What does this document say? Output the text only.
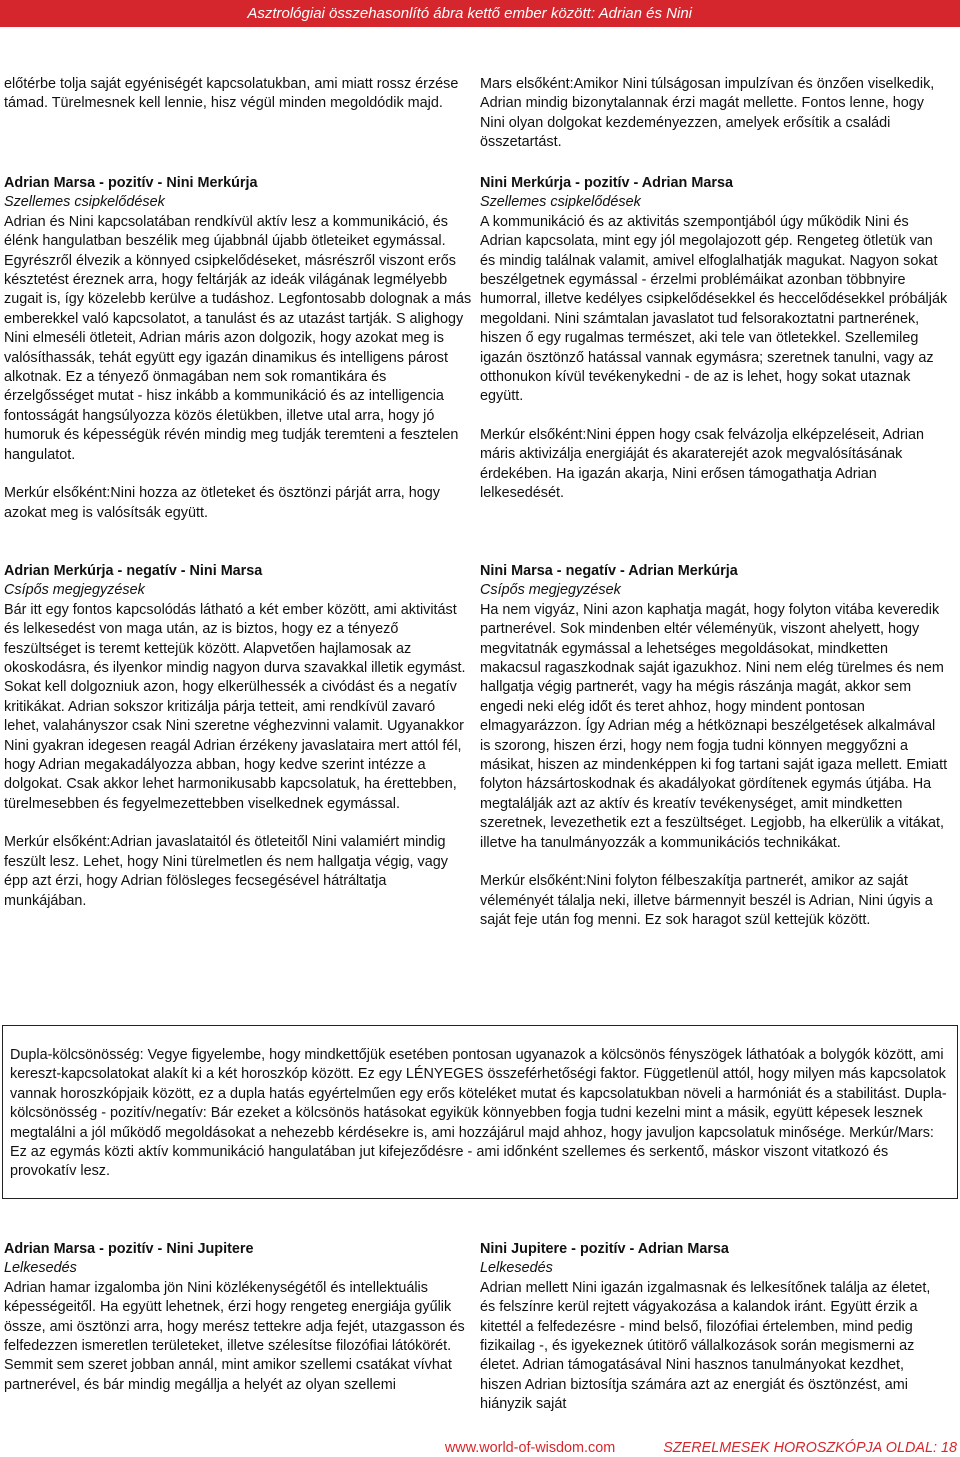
Asztrológiai összehasonlító ábra kettő ember között: Adrian és Nini

előtérbe tolja saját egyéniségét kapcsolatukban, ami miatt rossz érzése támad. Türelmesnek kell lennie, hisz végül minden megoldódik majd.

Adrian Marsa - pozitív - Nini Merkúrja

Szellemes csipkelődések

Adrian és Nini kapcsolatában rendkívül aktív lesz a kommunikáció, és élénk hangulatban beszélik meg újabbnál újabb ötleteiket egymással. Egyrészről élvezik a könnyed csipkelődéseket, másrészről viszont erős késztetést éreznek arra, hogy feltárják az ideák világának legmélyebb zugait is, így közelebb kerülve a tudáshoz. Legfontosabb dolognak a más emberekkel való kapcsolatot, a tanulást és az utazást tartják. S alighogy Nini elmeséli ötleteit, Adrian máris azon dolgozik, hogy azokat meg is valósíthassák, tehát együtt egy igazán dinamikus és intelligens párost alkotnak. Ez a tényező önmagában nem sok romantikára és érzelgősséget mutat - hisz inkább a kommunikáció és az intelligencia fontosságát hangsúlyozza közös életükben, illetve utal arra, hogy jó humoruk és képességük révén mindig meg tudják teremteni a fesztelen hangulatot.

Merkúr elsőként:Nini hozza az ötleteket és ösztönzi párját arra, hogy azokat meg is valósítsák együtt.

Adrian Merkúrja - negatív - Nini Marsa

Csípős megjegyzések

Bár itt egy fontos kapcsolódás látható a két ember között, ami aktivitást és lelkesedést von maga után, az is biztos, hogy ez a tényező feszültséget is teremt kettejük között. Alapvetően hajlamosak az okoskodásra, és ilyenkor mindig nagyon durva szavakkal illetik egymást. Sokat kell dolgozniuk azon, hogy elkerülhessék a civódást és a negatív kritikákat. Adrian sokszor kritizálja párja tetteit, ami rendkívül zavaró lehet, valahányszor csak Nini szeretne véghezvinni valamit. Ugyanakkor Nini gyakran idegesen reagál Adrian érzékeny javaslataira mert attól fél, hogy Adrian megakadályozza abban, hogy kedve szerint intézze a dolgokat. Csak akkor lehet harmonikusabb kapcsolatuk, ha érettebben, türelmesebben és fegyelmezettebben viselkednek egymással.

Merkúr elsőként:Adrian javaslataitól és ötleteitől Nini valamiért mindig feszült lesz. Lehet, hogy Nini türelmetlen és nem hallgatja végig, vagy épp azt érzi, hogy Adrian fölösleges fecsegésével hátráltatja munkájában.

Adrian Marsa - pozitív - Nini Jupitere

Lelkesedés

Adrian hamar izgalomba jön Nini közlékenységétől és intellektuális képességeitől. Ha együtt lehetnek, érzi hogy rengeteg energiája gyűlik össze, ami ösztönzi arra, hogy merész tettekre adja fejét, utazgasson és felfedezzen ismeretlen területeket, illetve szélesítse filozófiai látókörét. Semmit sem szeret jobban annál, mint amikor szellemi csatákat vívhat partnerével, és bár mindig megállja a helyét az olyan szellemi

Mars elsőként:Amikor Nini túlságosan impulzívan és önzően viselkedik, Adrian mindig bizonytalannak érzi magát mellette. Fontos lenne, hogy Nini olyan dolgokat kezdeményezzen, amelyek erősítik a családi összetartást.

Nini Merkúrja - pozitív - Adrian Marsa

Szellemes csipkelődések

A kommunikáció és az aktivitás szempontjából úgy működik Nini és Adrian kapcsolata, mint egy jól megolajozott gép. Rengeteg ötletük van és mindig találnak valamit, amivel elfoglalhatják magukat. Nagyon sokat beszélgetnek egymással - érzelmi problémáikat azonban többnyire humorral, illetve kedélyes csipkelődésekkel és heccelődésekkel próbálják megoldani. Nini számtalan javaslatot tud felsorakoztatni partnerének, hiszen ő egy rugalmas természet, aki tele van ötletekkel. Szellemileg igazán ösztönző hatással vannak egymásra; szeretnek tanulni, vagy az otthonukon kívül tevékenykedni - de az is lehet, hogy sokat utaznak együtt.

Merkúr elsőként:Nini éppen hogy csak felvázolja elképzeléseit, Adrian máris aktivizálja energiáját és akaraterejét azok megvalósításának érdekében. Ha igazán akarja, Nini erősen támogathatja Adrian lelkesedését.

Nini Marsa - negatív - Adrian Merkúrja

Csípős megjegyzések

Ha nem vigyáz, Nini azon kaphatja magát, hogy folyton vitába keveredik partnerével. Sok mindenben eltér véleményük, viszont ahelyett, hogy megvitatnák egymással a lehetséges megoldásokat, mindketten makacsul ragaszkodnak saját igazukhoz. Nini nem elég türelmes és nem hallgatja végig partnerét, vagy ha mégis rászánja magát, akkor sem engedi neki elég időt és teret ahhoz, hogy mindent pontosan elmagyarázzon. Így Adrian még a hétköznapi beszélgetések alkalmával is szorong, hiszen érzi, hogy nem fogja tudni könnyen meggyőzni a másikat, hiszen az mindenképpen ki fog tartani saját igaza mellett. Emiatt folyton házsártoskodnak és akadályokat gördítenek egymás útjába. Ha megtalálják azt az aktív és kreatív tevékenységet, amit mindketten szeretnek, levezethetik ezt a feszültséget. Legjobb, ha elkerülik a vitákat, illetve ha tanulmányozzák a kommunikációs technikákat.

Merkúr elsőként:Nini folyton félbeszakítja partnerét, amikor az saját véleményét tálalja neki, illetve bármennyit beszél is Adrian, Nini úgyis a saját feje után fog menni. Ez sok haragot szül kettejük között.

Nini Jupitere - pozitív - Adrian Marsa

Lelkesedés

Adrian mellett Nini igazán izgalmasnak és lelkesítőnek találja az életet, és felszínre kerül rejtett vágyakozása a kalandok iránt. Együtt érzik a kitettél a felfedezésre - mind belső, filozófiai értelemben, mind pedig fizikailag -, és igyekeznek útitörő vállalkozások során megismerni az életet. Adrian támogatásával Nini hasznos tanulmányokat kezdhet, hiszen Adrian biztosítja számára azt az energiát és ösztönzést, ami hiányzik saját

Dupla-kölcsönösség: Vegye figyelembe, hogy mindkettőjük esetében pontosan ugyanazok a kölcsönös fényszögek láthatóak a bolygók között, ami kereszt-kapcsolatokat alakít ki a két horoszkóp között. Ez egy LÉNYEGES összeférhetőségi faktor. Függetlenül attól, hogy milyen más kapcsolatok vannak horoszkópjaik között, ez a dupla hatás egyértelműen egy erős köteléket mutat és kapcsolatukban növeli a harmóniát és a stabilitást. Dupla-kölcsönösség - pozitív/negatív: Bár ezeket a kölcsönös hatásokat egyikük könnyebben fogja tudni kezelni mint a másik, együtt képesek lesznek megtalálni a jól működő megoldásokat a nehezebb kérdésekre is, ami hozzájárul majd ahhoz, hogy javuljon kapcsolatuk minősége. Merkúr/Mars: Ez az egymás közti aktív kommunikáció hangulatában jut kifejeződésre - ami időnként szellemes és serkentő, máskor viszont vitatkozó és provokatív lesz.

www.world-of-wisdom.com	SZERELMESEK HOROSZKÓPJA OLDAL: 18
